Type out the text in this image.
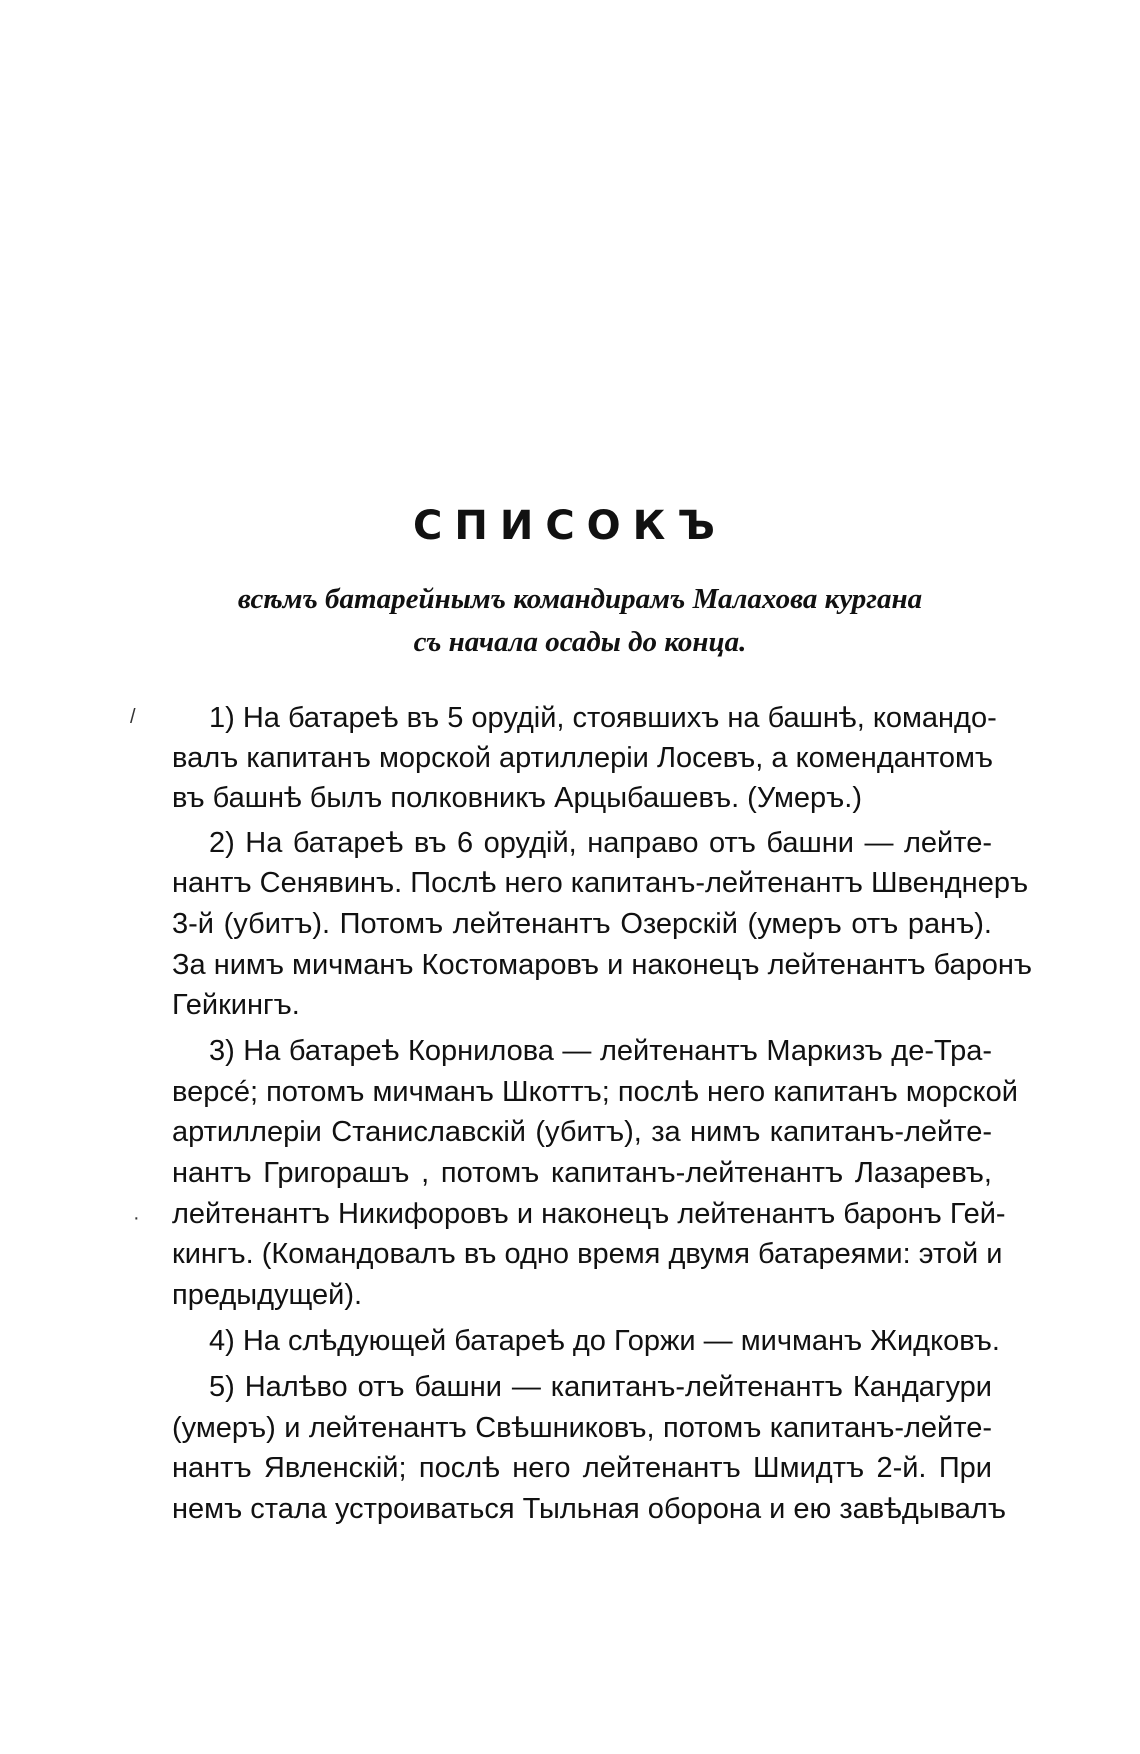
СПИСОКЪ

всѣмъ батарейнымъ командирамъ Малахова кургана

съ начала осады до конца.

/
·

1) На батареѣ въ 5 орудій, стоявшихъ на башнѣ, командо-

валъ капитанъ морской артиллеріи Лосевъ, а комендантомъ

въ башнѣ былъ полковникъ Арцыбашевъ. (Умеръ.)

2) На батареѣ въ 6 орудій, направо отъ башни — лейте-

нантъ Сенявинъ. Послѣ него капитанъ-лейтенантъ Швенднеръ

3-й (убитъ). Потомъ лейтенантъ Озерскій (умеръ отъ ранъ).

За нимъ мичманъ Костомаровъ и наконецъ лейтенантъ баронъ

Гейкингъ.

3) На батареѣ Корнилова — лейтенантъ Маркизъ де-Тра-

версé; потомъ мичманъ Шкоттъ; послѣ него капитанъ морской

артиллеріи Станиславскій (убитъ), за нимъ капитанъ-лейте-

нантъ Григорашъ , потомъ капитанъ-лейтенантъ Лазаревъ,

лейтенантъ Никифоровъ и наконецъ лейтенантъ баронъ Гей-

кингъ. (Командовалъ въ одно время двумя батареями: этой и

предыдущей).

4) На слѣдующей батареѣ до Горжи — мичманъ Жидковъ.

5) Налѣво отъ башни — капитанъ-лейтенантъ Кандагури

(умеръ) и лейтенантъ Свѣшниковъ, потомъ капитанъ-лейте-

нантъ Явленскій; послѣ него лейтенантъ Шмидтъ 2-й. При

немъ стала устроиваться Тыльная оборона и ею завѣдывалъ
